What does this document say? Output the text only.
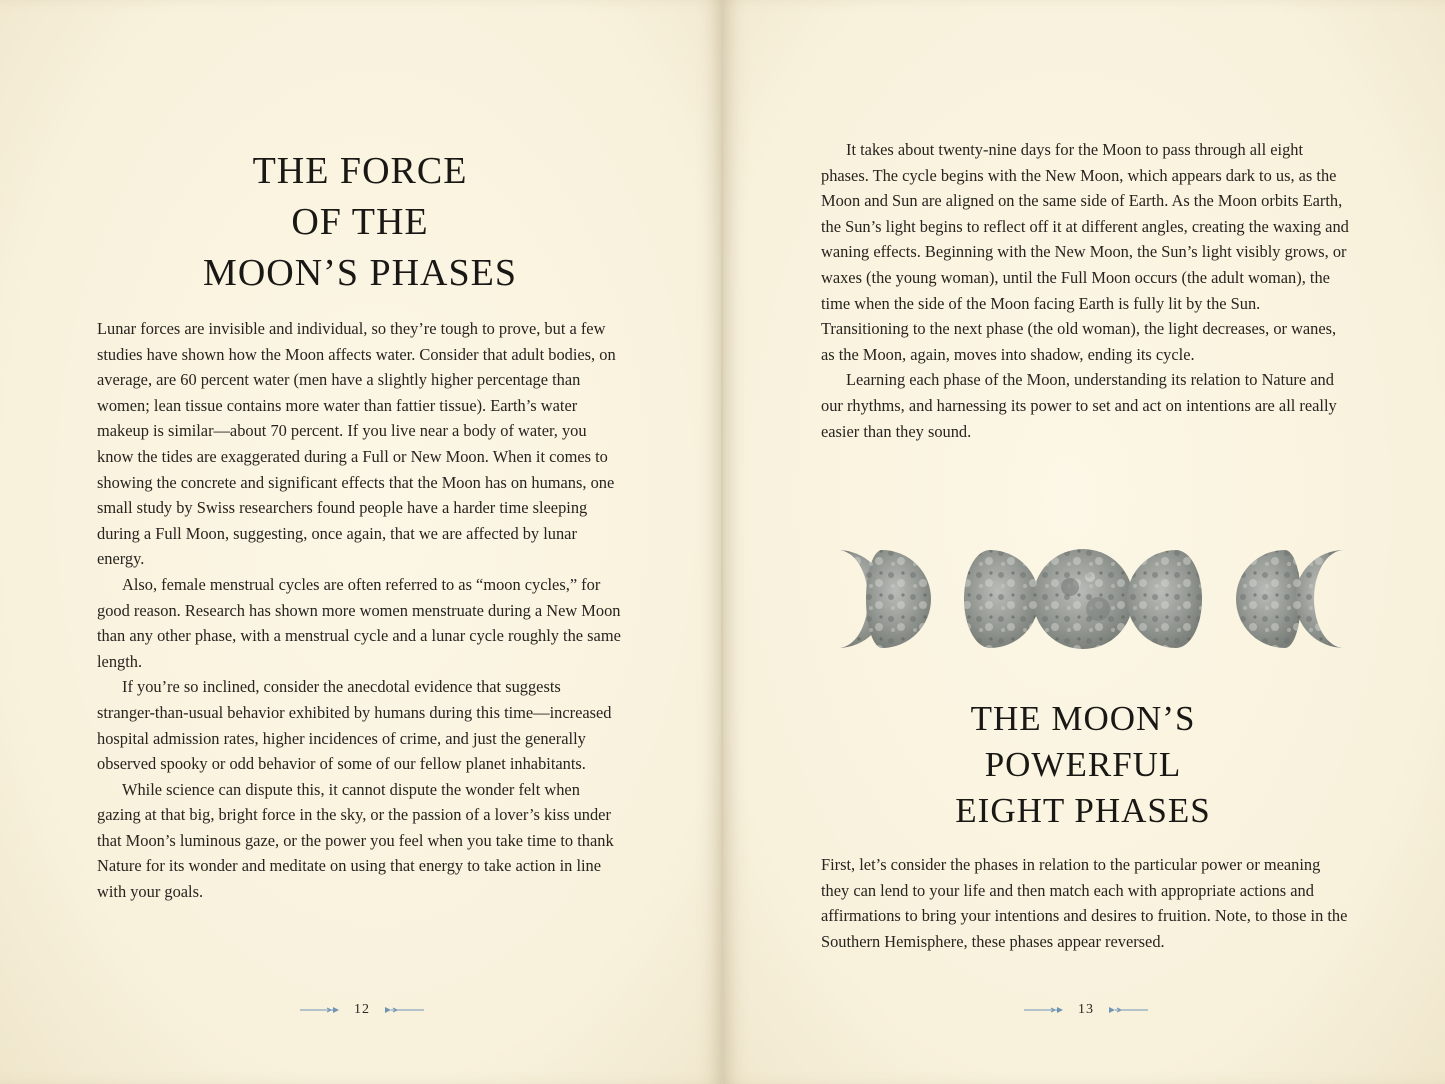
THE FORCE
OF THE
MOON’S PHASES

Lunar forces are invisible and individual, so they’re tough to prove, but a few studies have shown how the Moon affects water. Consider that adult bodies, on average, are 60 percent water (men have a slightly higher percentage than women; lean tissue contains more water than fattier tissue). Earth’s water makeup is similar—about 70 percent. If you live near a body of water, you know the tides are exaggerated during a Full or New Moon. When it comes to showing the concrete and significant effects that the Moon has on humans, one small study by Swiss researchers found people have a harder time sleeping during a Full Moon, suggesting, once again, that we are affected by lunar energy.

Also, female menstrual cycles are often referred to as “moon cycles,” for good reason. Research has shown more women menstruate during a New Moon than any other phase, with a menstrual cycle and a lunar cycle roughly the same length.

If you’re so inclined, consider the anecdotal evidence that suggests stranger-than-usual behavior exhibited by humans during this time—increased hospital admission rates, higher incidences of crime, and just the generally observed spooky or odd behavior of some of our fellow planet inhabitants.

While science can dispute this, it cannot dispute the wonder felt when gazing at that big, bright force in the sky, or the passion of a lover’s kiss under that Moon’s luminous gaze, or the power you feel when you take time to thank Nature for its wonder and meditate on using that energy to take action in line with your goals.

12

It takes about twenty-nine days for the Moon to pass through all eight phases. The cycle begins with the New Moon, which appears dark to us, as the Moon and Sun are aligned on the same side of Earth. As the Moon orbits Earth, the Sun’s light begins to reflect off it at different angles, creating the waxing and waning effects. Beginning with the New Moon, the Sun’s light visibly grows, or waxes (the young woman), until the Full Moon occurs (the adult woman), the time when the side of the Moon facing Earth is fully lit by the Sun. Transitioning to the next phase (the old woman), the light decreases, or wanes, as the Moon, again, moves into shadow, ending its cycle.

Learning each phase of the Moon, understanding its relation to Nature and our rhythms, and harnessing its power to set and act on intentions are all really easier than they sound.

THE MOON’S
POWERFUL
EIGHT PHASES

First, let’s consider the phases in relation to the particular power or meaning they can lend to your life and then match each with appropriate actions and affirmations to bring your intentions and desires to fruition. Note, to those in the Southern Hemisphere, these phases appear reversed.

13
